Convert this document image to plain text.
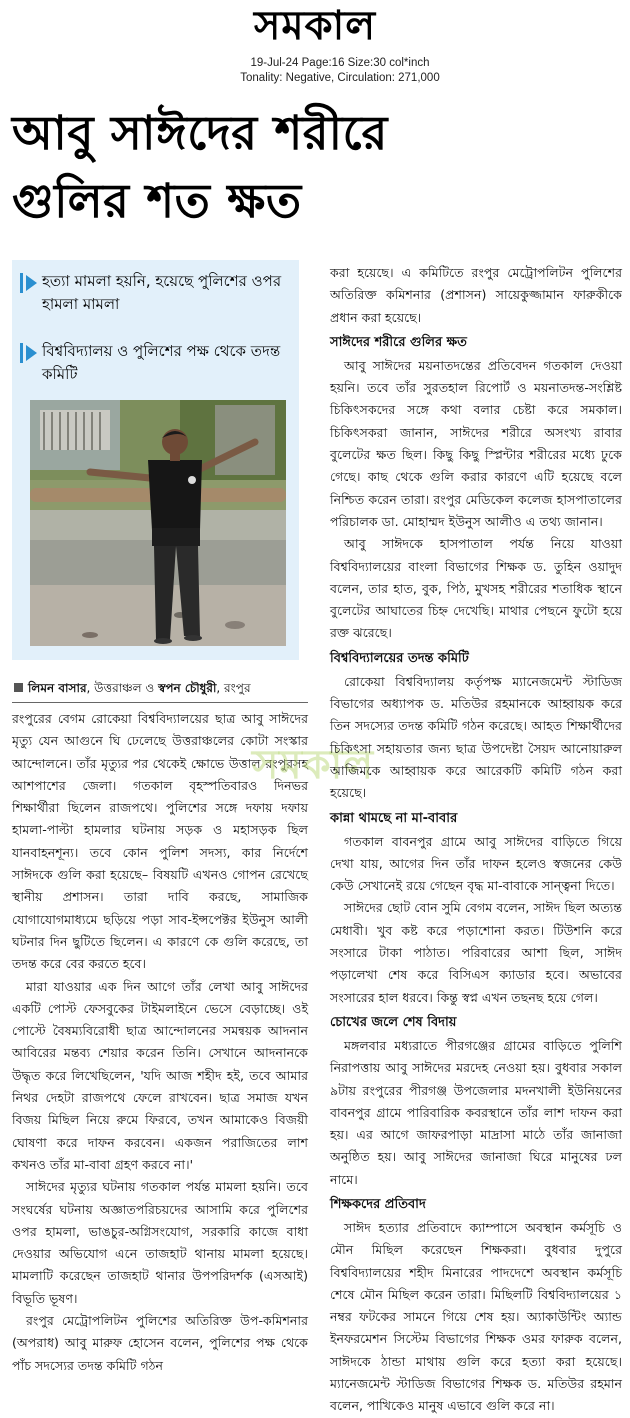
সমকাল
19-Jul-24 Page:16 Size:30 col*inch
Tonality: Negative, Circulation: 271,000
আবু সাঈদের শরীরে
গুলির শত ক্ষত
হত্যা মামলা হয়নি, হয়েছে পুলিশের ওপর হামলা মামলা
বিশ্ববিদ্যালয় ও পুলিশের পক্ষ থেকে তদন্ত কমিটি
লিমন বাসার, উত্তরাঞ্চল ও স্বপন চৌধুরী, রংপুর

রংপুরের বেগম রোকেয়া বিশ্ববিদ্যালয়ের ছাত্র আবু সাঈদের মৃত্যু যেন আগুনে ঘি ঢেলেছে উত্তরাঞ্চলের কোটা সংস্কার আন্দোলনে। তাঁর মৃত্যুর পর থেকেই ক্ষোভে উত্তাল রংপুরসহ আশপাশের জেলা। গতকাল বৃহস্পতিবারও দিনভর শিক্ষার্থীরা ছিলেন রাজপথে। পুলিশের সঙ্গে দফায় দফায় হামলা-পাল্টা হামলার ঘটনায় সড়ক ও মহাসড়ক ছিল যানবাহনশূন্য। তবে কোন পুলিশ সদস্য, কার নির্দেশে সাঈদকে গুলি করা হয়েছে– বিষয়টি এখনও গোপন রেখেছে স্থানীয় প্রশাসন। তারা দাবি করছে, সামাজিক যোগাযোগমাধ্যমে ছড়িয়ে পড়া সাব-ইন্সপেক্টর ইউনুস আলী ঘটনার দিন ছুটিতে ছিলেন। এ কারণে কে গুলি করেছে, তা তদন্ত করে বের করতে হবে।

মারা যাওয়ার এক দিন আগে তাঁর লেখা আবু সাঈদের একটি পোস্ট ফেসবুকের টাইমলাইনে ভেসে বেড়াচ্ছে। ওই পোস্টে বৈষম্যবিরোধী ছাত্র আন্দোলনের সমন্বয়ক আদনান আবিরের মন্তব্য শেয়ার করেন তিনি। সেখানে আদনানকে উদ্ধৃত করে লিখেছিলেন, 'যদি আজ শহীদ হই, তবে আমার নিথর দেহটা রাজপথে ফেলে রাখবেন। ছাত্র সমাজ যখন বিজয় মিছিল নিয়ে রুমে ফিরবে, তখন আমাকেও বিজয়ী ঘোষণা করে দাফন করবেন। একজন পরাজিতের লাশ কখনও তাঁর মা-বাবা গ্রহণ করবে না।'

সাঈদের মৃত্যুর ঘটনায় গতকাল পর্যন্ত মামলা হয়নি। তবে সংঘর্ষের ঘটনায় অজ্ঞাতপরিচয়দের আসামি করে পুলিশের ওপর হামলা, ভাঙচুর-অগ্নিসংযোগ, সরকারি কাজে বাধা দেওয়ার অভিযোগ এনে তাজহাট থানায় মামলা হয়েছে। মামলাটি করেছেন তাজহাট থানার উপপরিদর্শক (এসআই) বিভূতি ভূষণ।

রংপুর মেট্রোপলিটন পুলিশের অতিরিক্ত উপ-কমিশনার (অপরাধ) আবু মারুফ হোসেন বলেন, পুলিশের পক্ষ থেকে পাঁচ সদস্যের তদন্ত কমিটি গঠন

সমকাল

করা হয়েছে। এ কমিটিতে রংপুর মেট্রোপলিটন পুলিশের অতিরিক্ত কমিশনার (প্রশাসন) সায়েকুজ্জামান ফারুকীকে প্রধান করা হয়েছে।

সাঈদের শরীরে গুলির ক্ষত

আবু সাঈদের ময়নাতদন্তের প্রতিবেদন গতকাল দেওয়া হয়নি। তবে তাঁর সুরতহাল রিপোর্ট ও ময়নাতদন্ত-সংশ্লিষ্ট চিকিৎসকদের সঙ্গে কথা বলার চেষ্টা করে সমকাল। চিকিৎসকরা জানান, সাঈদের শরীরে অসংখ্য রাবার বুলেটের ক্ষত ছিল। কিছু কিছু স্প্লিন্টার শরীরের মধ্যে ঢুকে গেছে। কাছ থেকে গুলি করার কারণে এটি হয়েছে বলে নিশ্চিত করেন তারা। রংপুর মেডিকেল কলেজ হাসপাতালের পরিচালক ডা. মোহাম্মদ ইউনুস আলীও এ তথ্য জানান।

আবু সাঈদকে হাসপাতাল পর্যন্ত নিয়ে যাওয়া বিশ্ববিদ্যালয়ের বাংলা বিভাগের শিক্ষক ড. তুহিন ওয়াদুদ বলেন, তার হাত, বুক, পিঠ, মুখসহ শরীরের শতাধিক স্থানে বুলেটের আঘাতের চিহ্ন দেখেছি। মাথার পেছনে ফুটো হয়ে রক্ত ঝরেছে।

বিশ্ববিদ্যালয়ের তদন্ত কমিটি

রোকেয়া বিশ্ববিদ্যালয় কর্তৃপক্ষ ম্যানেজমেন্ট স্টাডিজ বিভাগের অধ্যাপক ড. মতিউর রহমানকে আহ্বায়ক করে তিন সদস্যের তদন্ত কমিটি গঠন করেছে। আহত শিক্ষার্থীদের চিকিৎসা সহায়তার জন্য ছাত্র উপদেষ্টা সৈয়দ আনোয়ারুল আজিমকে আহ্বায়ক করে আরেকটি কমিটি গঠন করা হয়েছে।

কান্না থামছে না মা-বাবার

গতকাল বাবনপুর গ্রামে আবু সাঈদের বাড়িতে গিয়ে দেখা যায়, আগের দিন তাঁর দাফন হলেও স্বজনের কেউ কেউ সেখানেই রয়ে গেছেন বৃদ্ধ মা-বাবাকে সান্ত্বনা দিতে।

সাঈদের ছোট বোন সুমি বেগম বলেন, সাঈদ ছিল অত্যন্ত মেধাবী। খুব কষ্ট করে পড়াশোনা করত। টিউশনি করে সংসারে টাকা পাঠাত। পরিবারের আশা ছিল, সাঈদ পড়ালেখা শেষ করে বিসিএস ক্যাডার হবে। অভাবের সংসারের হাল ধরবে। কিন্তু স্বপ্ন এখন তছনছ হয়ে গেল।

চোখের জলে শেষ বিদায়

মঙ্গলবার মধ্যরাতে পীরগঞ্জের গ্রামের বাড়িতে পুলিশি নিরাপত্তায় আবু সাঈদের মরদেহ নেওয়া হয়। বুধবার সকাল ৯টায় রংপুরের পীরগঞ্জ উপজেলার মদনখালী ইউনিয়নের বাবনপুর গ্রামে পারিবারিক কবরস্থানে তাঁর লাশ দাফন করা হয়। এর আগে জাফরপাড়া মাদ্রাসা মাঠে তাঁর জানাজা অনুষ্ঠিত হয়। আবু সাঈদের জানাজা ঘিরে মানুষের ঢল নামে।

শিক্ষকদের প্রতিবাদ

সাঈদ হত্যার প্রতিবাদে ক্যাম্পাসে অবস্থান কর্মসূচি ও মৌন মিছিল করেছেন শিক্ষকরা। বুধবার দুপুরে বিশ্ববিদ্যালয়ের শহীদ মিনারের পাদদেশে অবস্থান কর্মসূচি শেষে মৌন মিছিল করেন তারা। মিছিলটি বিশ্ববিদ্যালয়ের ১ নম্বর ফটকের সামনে গিয়ে শেষ হয়। অ্যাকাউন্টিং অ্যান্ড ইনফরমেশন সিস্টেম বিভাগের শিক্ষক ওমর ফারুক বলেন, সাঈদকে ঠান্ডা মাথায় গুলি করে হত্যা করা হয়েছে। ম্যানেজমেন্ট স্টাডিজ বিভাগের শিক্ষক ড. মতিউর রহমান বলেন, পাখিকেও মানুষ এভাবে গুলি করে না।
